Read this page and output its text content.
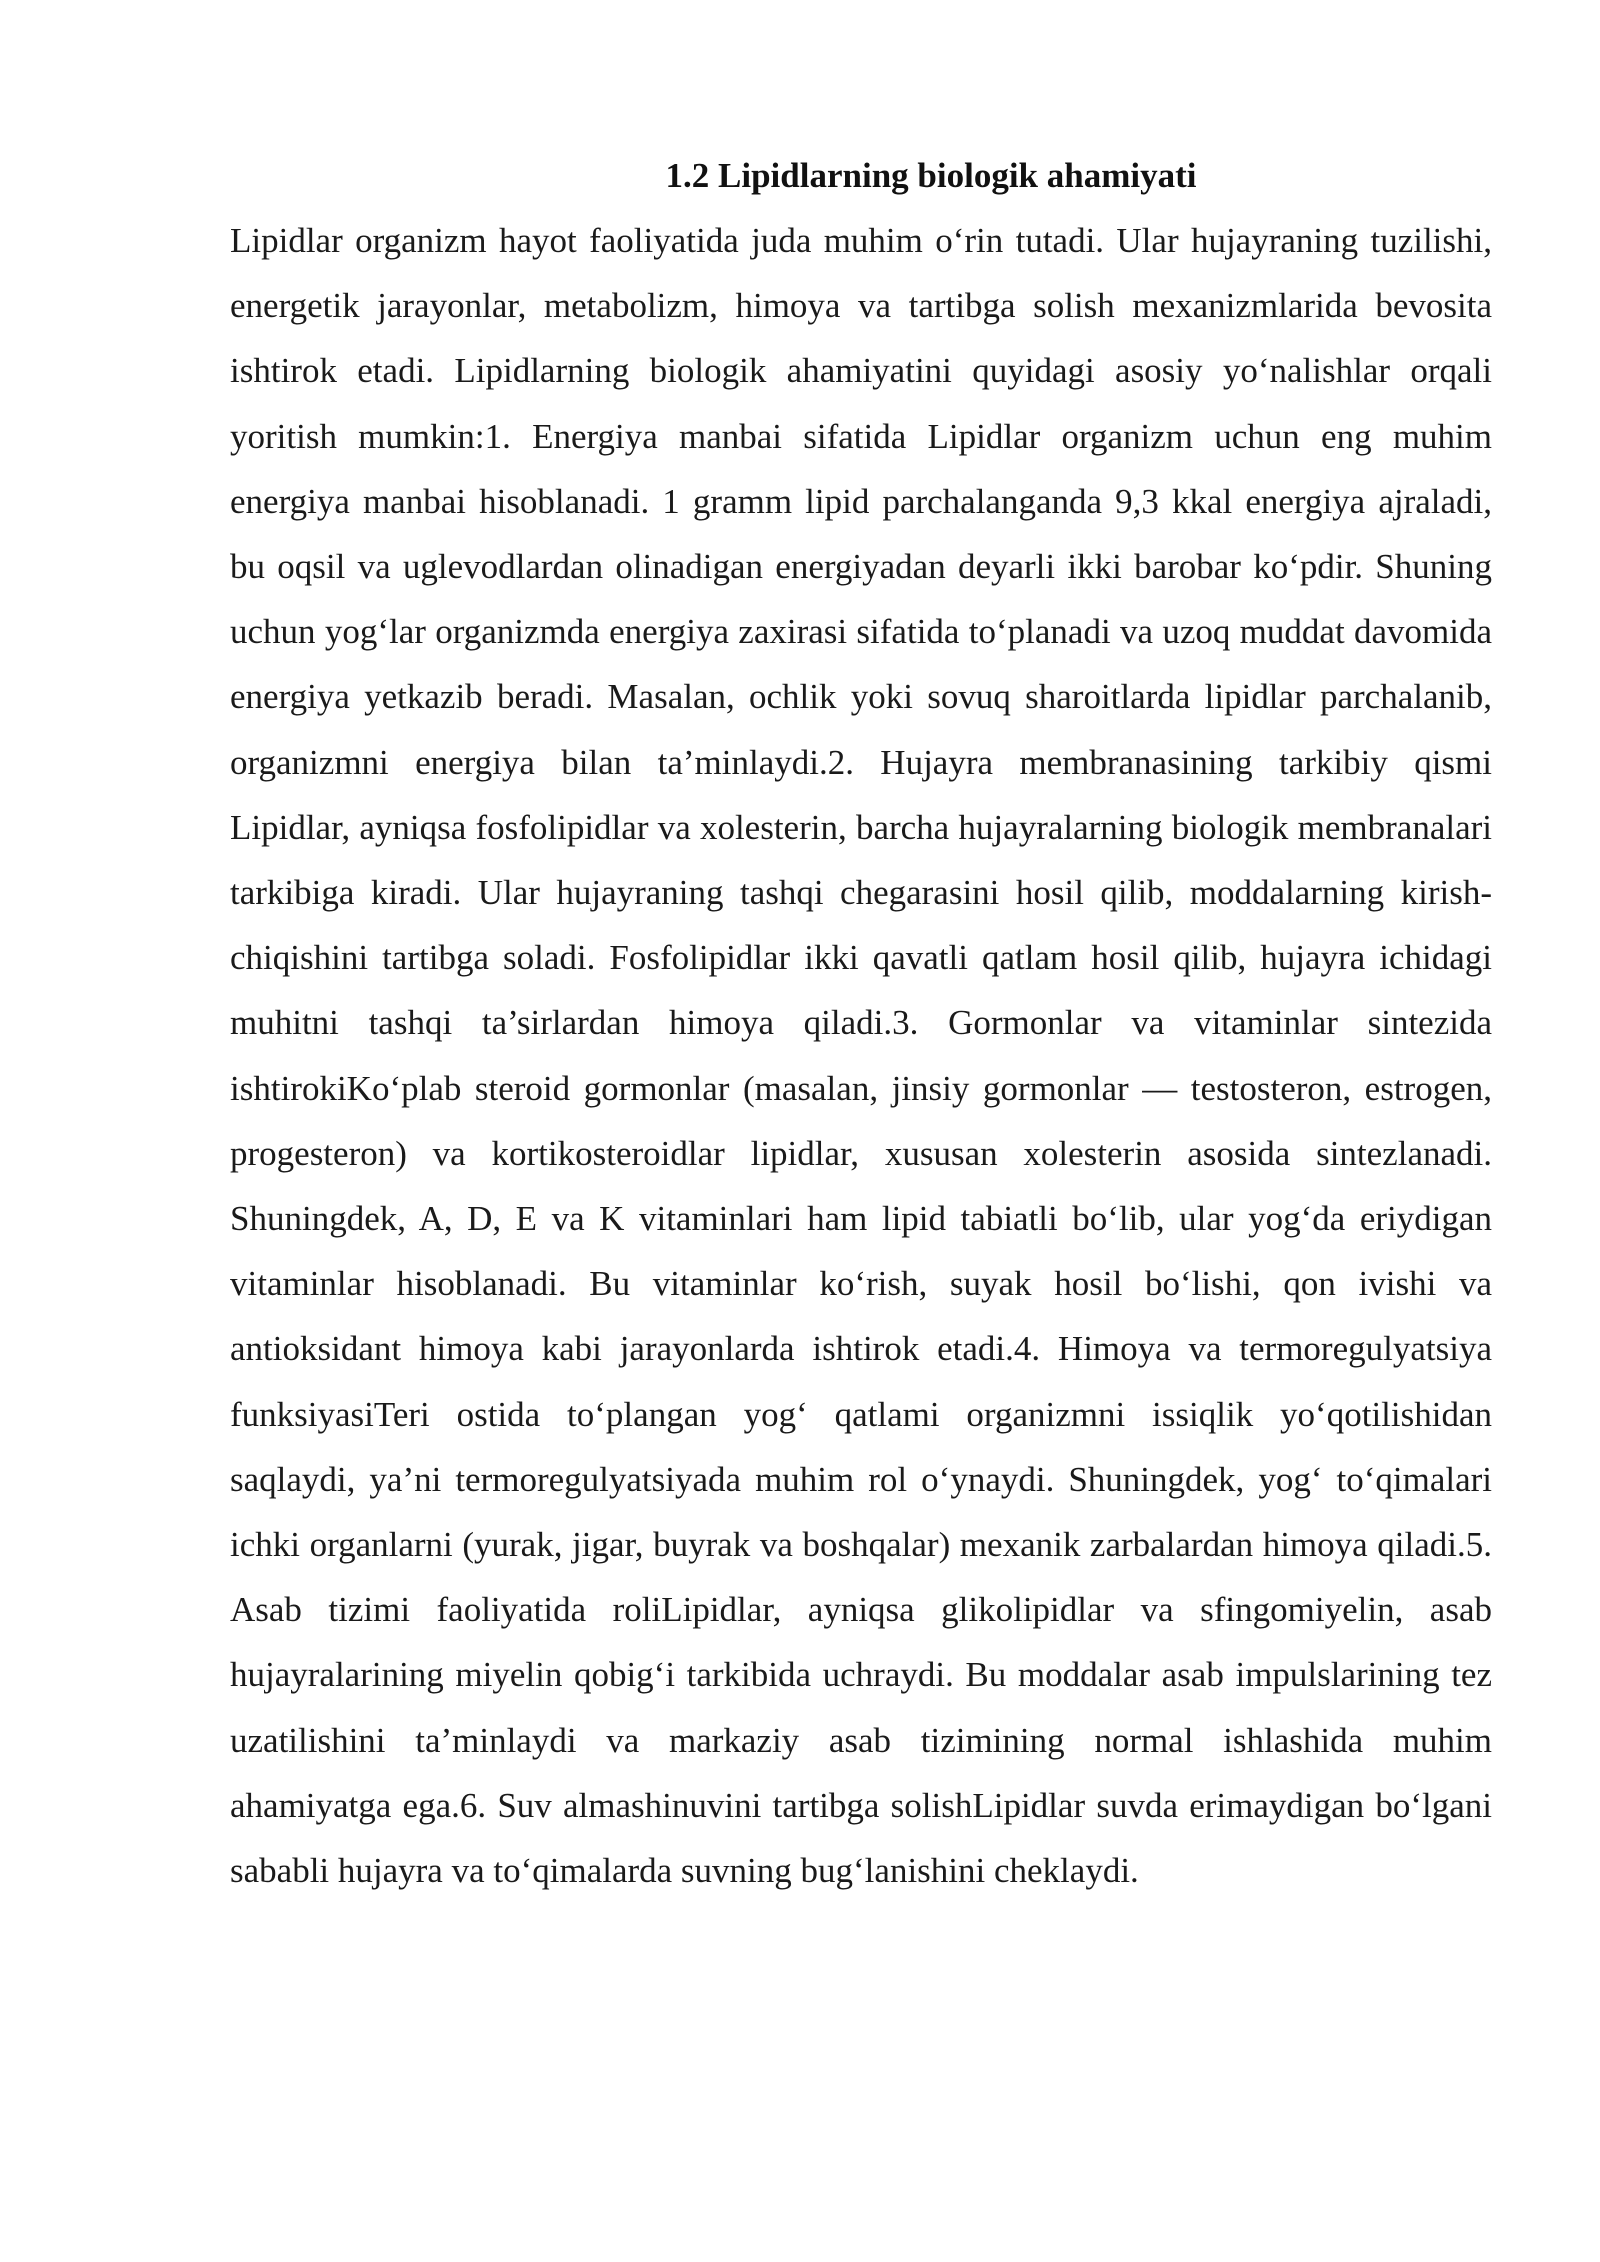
1.2 Lipidlarning biologik ahamiyati

Lipidlar organizm hayot faoliyatida juda muhim o‘rin tutadi. Ular hujayraning tuzilishi, energetik jarayonlar, metabolizm, himoya va tartibga solish mexanizmlarida bevosita ishtirok etadi. Lipidlarning biologik ahamiyatini quyidagi asosiy yo‘nalishlar orqali yoritish mumkin:1. Energiya manbai sifatida Lipidlar organizm uchun eng muhim energiya manbai hisoblanadi. 1 gramm lipid parchalanganda 9,3 kkal energiya ajraladi, bu oqsil va uglevodlardan olinadigan energiyadan deyarli ikki barobar ko‘pdir. Shuning uchun yog‘lar organizmda energiya zaxirasi sifatida to‘planadi va uzoq muddat davomida energiya yetkazib beradi. Masalan, ochlik yoki sovuq sharoitlarda lipidlar parchalanib, organizmni energiya bilan ta’minlaydi.2. Hujayra membranasining tarkibiy qismi Lipidlar, ayniqsa fosfolipidlar va xolesterin, barcha hujayralarning biologik membranalari tarkibiga kiradi. Ular hujayraning tashqi chegarasini hosil qilib, moddalarning kirish-chiqishini tartibga soladi. Fosfolipidlar ikki qavatli qatlam hosil qilib, hujayra ichidagi muhitni tashqi ta’sirlardan himoya qiladi.3. Gormonlar va vitaminlar sintezida ishtirokiKo‘plab steroid gormonlar (masalan, jinsiy gormonlar — testosteron, estrogen, progesteron) va kortikosteroidlar lipidlar, xususan xolesterin asosida sintezlanadi. Shuningdek, A, D, E va K vitaminlari ham lipid tabiatli bo‘lib, ular yog‘da eriydigan vitaminlar hisoblanadi. Bu vitaminlar ko‘rish, suyak hosil bo‘lishi, qon ivishi va antioksidant himoya kabi jarayonlarda ishtirok etadi.4. Himoya va termoregulyatsiya funksiyasiTeri ostida to‘plangan yog‘ qatlami organizmni issiqlik yo‘qotilishidan saqlaydi, ya’ni termoregulyatsiyada muhim rol o‘ynaydi. Shuningdek, yog‘ to‘qimalari ichki organlarni (yurak, jigar, buyrak va boshqalar) mexanik zarbalardan himoya qiladi.5. Asab tizimi faoliyatida roliLipidlar, ayniqsa glikolipidlar va sfingomiyelin, asab hujayralarining miyelin qobig‘i tarkibida uchraydi. Bu moddalar asab impulslarining tez uzatilishini ta’minlaydi va markaziy asab tizimining normal ishlashida muhim ahamiyatga ega.6. Suv almashinuvini tartibga solishLipidlar suvda erimaydigan bo‘lgani sababli hujayra va to‘qimalarda suvning bug‘lanishini cheklaydi.
